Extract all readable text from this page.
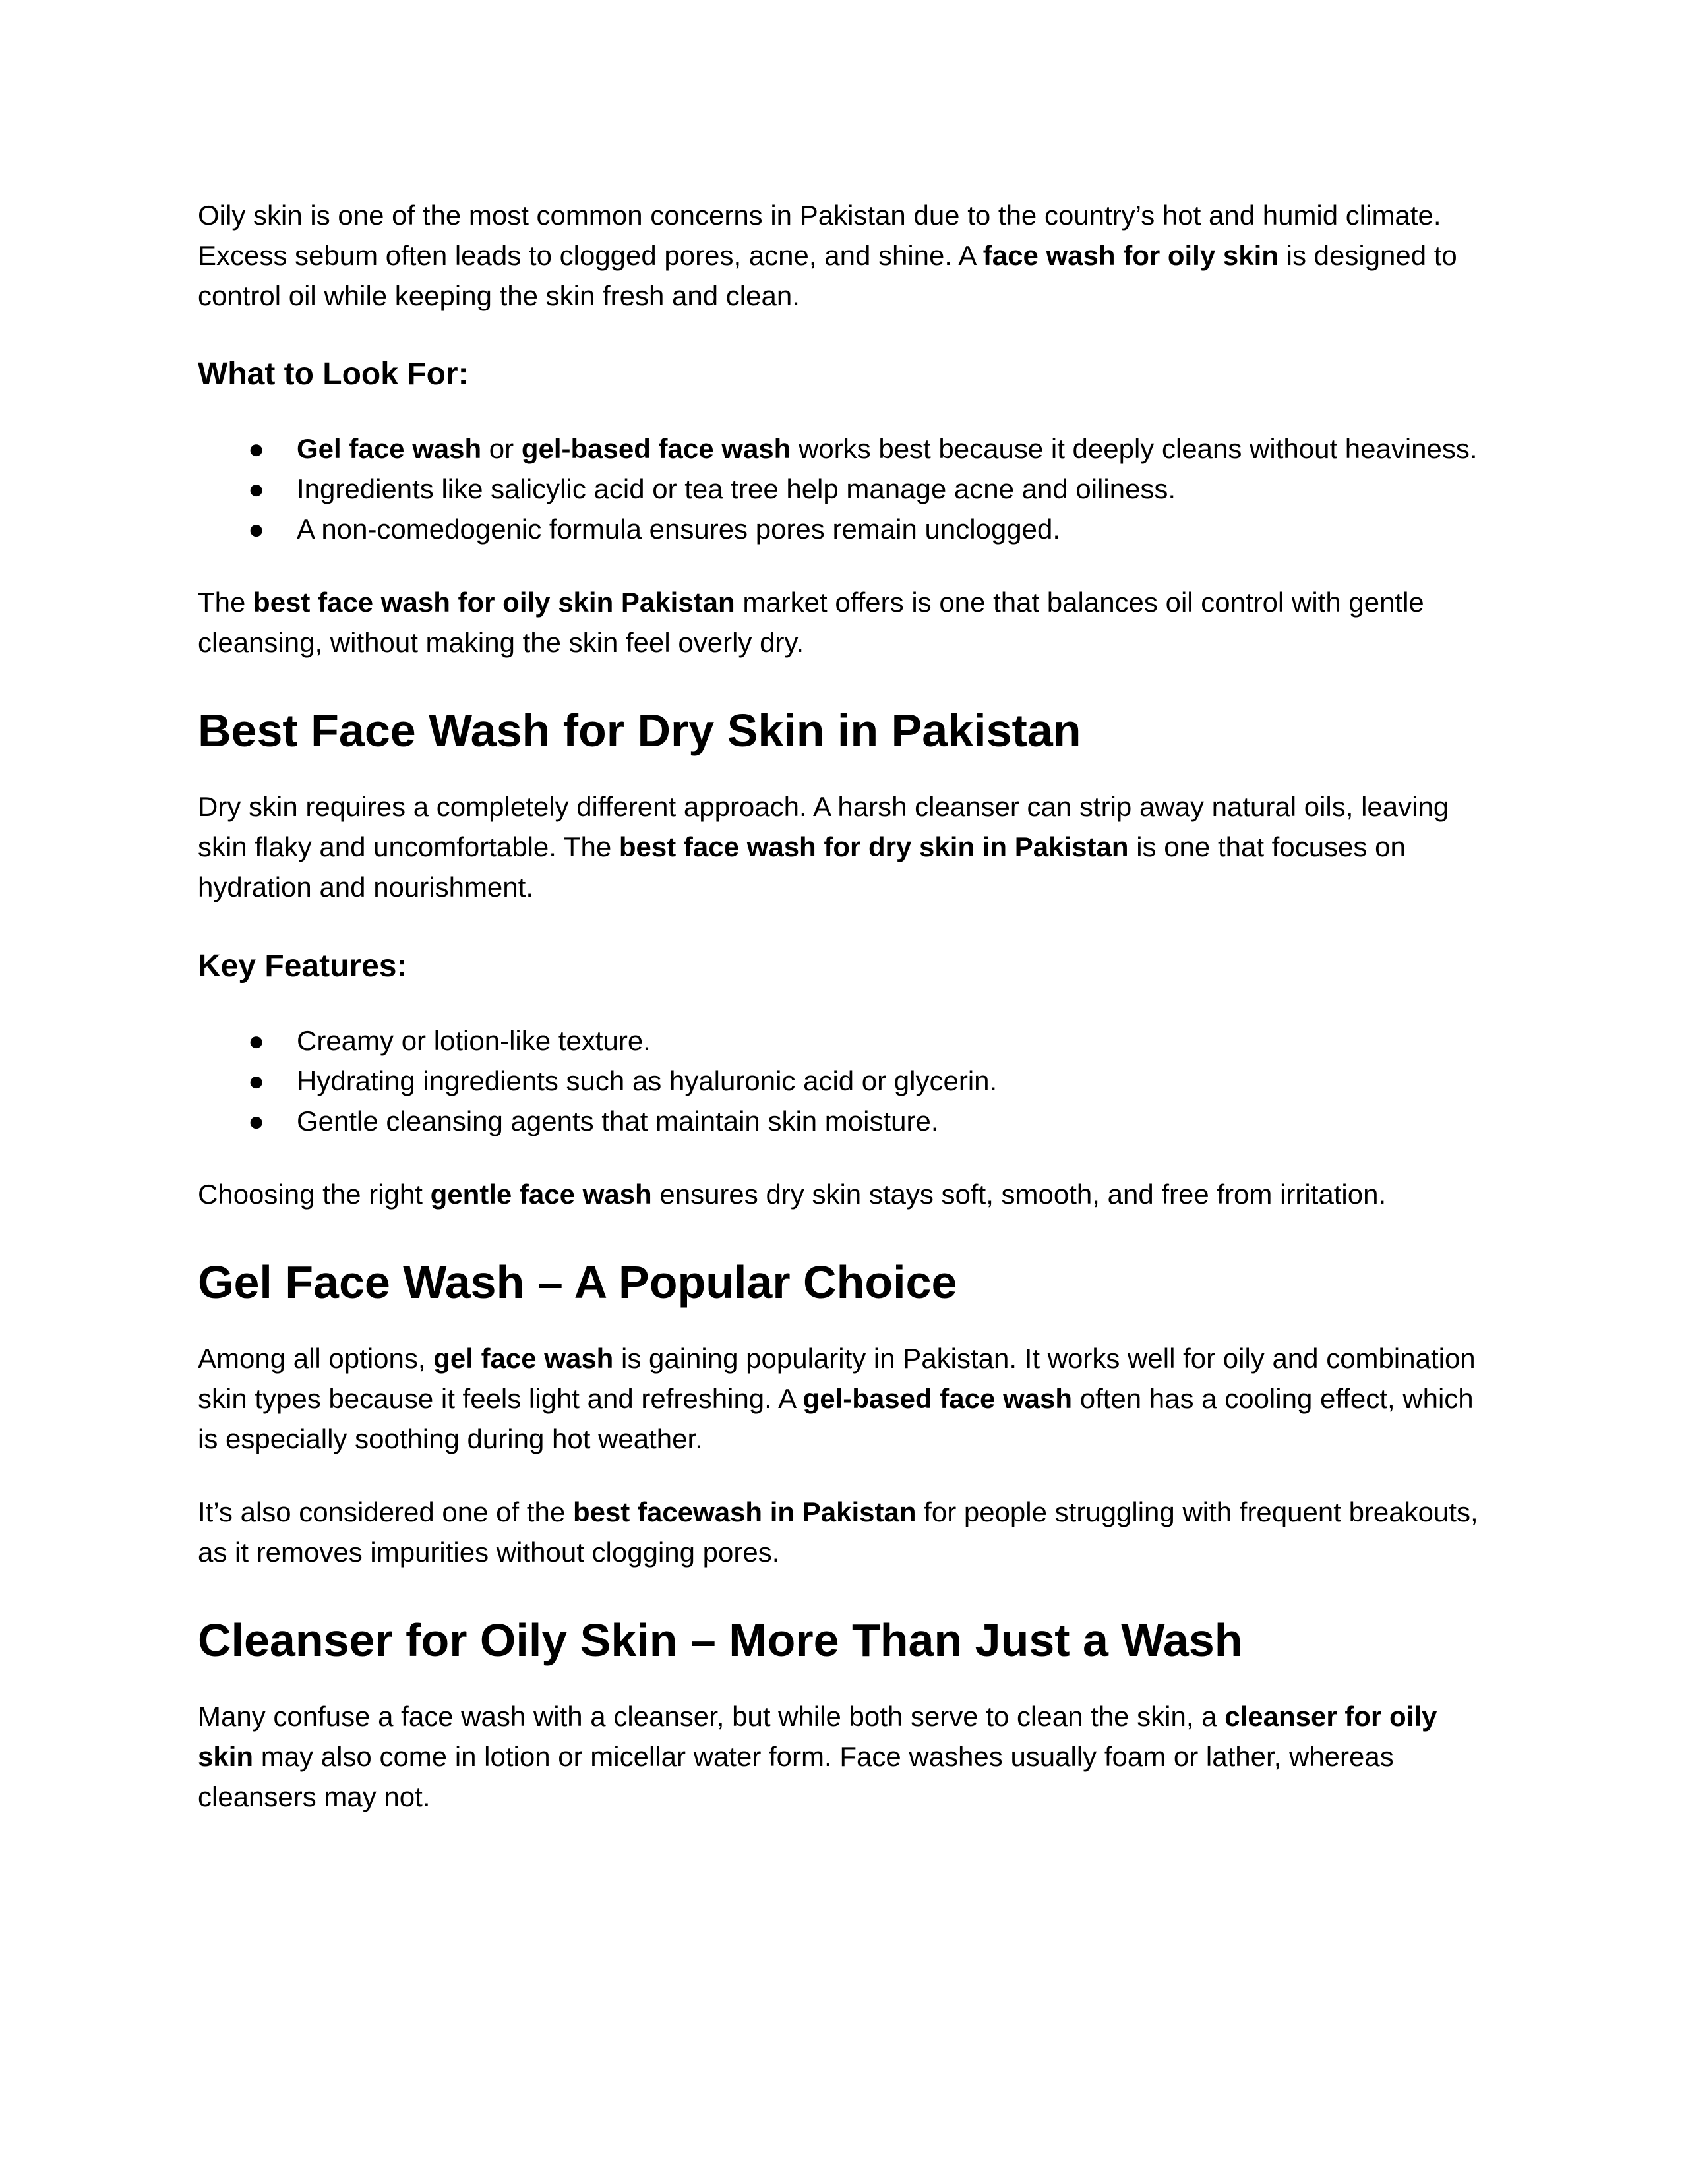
Oily skin is one of the most common concerns in Pakistan due to the country’s hot and humid climate. Excess sebum often leads to clogged pores, acne, and shine. A face wash for oily skin is designed to control oil while keeping the skin fresh and clean.

What to Look For:
● Gel face wash or gel-based face wash works best because it deeply cleans without heaviness.
● Ingredients like salicylic acid or tea tree help manage acne and oiliness.
● A non-comedogenic formula ensures pores remain unclogged.

The best face wash for oily skin Pakistan market offers is one that balances oil control with gentle cleansing, without making the skin feel overly dry.

Best Face Wash for Dry Skin in Pakistan

Dry skin requires a completely different approach. A harsh cleanser can strip away natural oils, leaving skin flaky and uncomfortable. The best face wash for dry skin in Pakistan is one that focuses on hydration and nourishment.

Key Features:
● Creamy or lotion-like texture.
● Hydrating ingredients such as hyaluronic acid or glycerin.
● Gentle cleansing agents that maintain skin moisture.

Choosing the right gentle face wash ensures dry skin stays soft, smooth, and free from irritation.

Gel Face Wash – A Popular Choice

Among all options, gel face wash is gaining popularity in Pakistan. It works well for oily and combination skin types because it feels light and refreshing. A gel-based face wash often has a cooling effect, which is especially soothing during hot weather.

It’s also considered one of the best facewash in Pakistan for people struggling with frequent breakouts, as it removes impurities without clogging pores.

Cleanser for Oily Skin – More Than Just a Wash

Many confuse a face wash with a cleanser, but while both serve to clean the skin, a cleanser for oily skin may also come in lotion or micellar water form. Face washes usually foam or lather, whereas cleansers may not.
